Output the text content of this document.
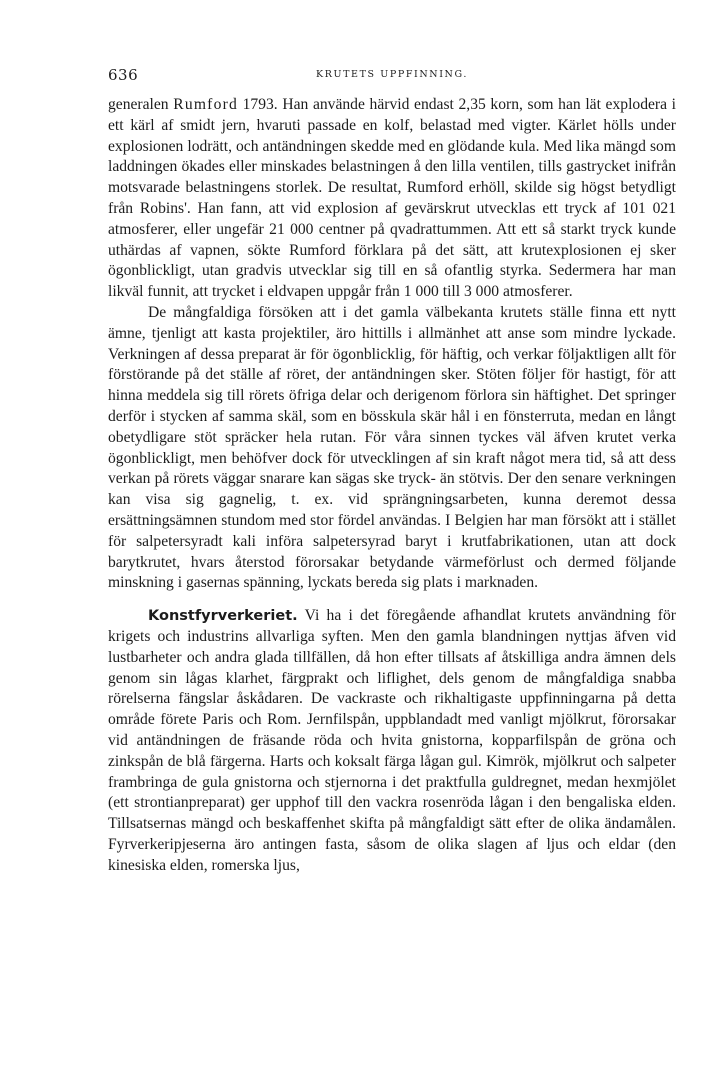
636	KRUTETS UPPFINNING.

generalen Rumford 1793. Han använde härvid endast 2,35 korn, som han lät explodera i ett kärl af smidt jern, hvaruti passade en kolf, belastad med vigter. Kärlet hölls under explosionen lodrätt, och antändningen skedde med en glödande kula. Med lika mängd som laddningen ökades eller minskades belastningen å den lilla ventilen, tills gastrycket inifrån motsvarade belastningens storlek. De resultat, Rumford erhöll, skilde sig högst betydligt från Robins'. Han fann, att vid explosion af gevärskrut utvecklas ett tryck af 101 021 atmosferer, eller ungefär 21 000 centner på qvadrattummen. Att ett så starkt tryck kunde uthärdas af vapnen, sökte Rumford förklara på det sätt, att krutexplosionen ej sker ögonblickligt, utan gradvis utvecklar sig till en så ofantlig styrka. Sedermera har man likväl funnit, att trycket i eldvapen uppgår från 1 000 till 3 000 atmosferer.

De mångfaldiga försöken att i det gamla välbekanta krutets ställe finna ett nytt ämne, tjenligt att kasta projektiler, äro hittills i allmänhet att anse som mindre lyckade. Verkningen af dessa preparat är för ögonblicklig, för häftig, och verkar följaktligen allt för förstörande på det ställe af röret, der antändningen sker. Stöten följer för hastigt, för att hinna meddela sig till rörets öfriga delar och derigenom förlora sin häftighet. Det springer derför i stycken af samma skäl, som en bösskula skär hål i en fönsterruta, medan en långt obetydligare stöt spräcker hela rutan. För våra sinnen tyckes väl äfven krutet verka ögonblickligt, men behöfver dock för utvecklingen af sin kraft något mera tid, så att dess verkan på rörets väggar snarare kan sägas ske tryck- än stötvis. Der den senare verkningen kan visa sig gagnelig, t. ex. vid sprängningsarbeten, kunna deremot dessa ersättningsämnen stundom med stor fördel användas. I Belgien har man försökt att i stället för salpetersyradt kali införa salpetersyrad baryt i krutfabrikationen, utan att dock barytkrutet, hvars återstod förorsakar betydande värmeförlust och dermed följande minskning i gasernas spänning, lyckats bereda sig plats i marknaden.

Konstfyrverkeriet. Vi ha i det föregående afhandlat krutets användning för krigets och industrins allvarliga syften. Men den gamla blandningen nyttjas äfven vid lustbarheter och andra glada tillfällen, då hon efter tillsats af åtskilliga andra ämnen dels genom sin lågas klarhet, färgprakt och liflighet, dels genom de mångfaldiga snabba rörelserna fängslar åskådaren. De vackraste och rikhaltigaste uppfinningarna på detta område förete Paris och Rom. Jernfilspån, uppblandadt med vanligt mjölkrut, förorsakar vid antändningen de fräsande röda och hvita gnistorna, kopparfilspån de gröna och zinkspån de blå färgerna. Harts och koksalt färga lågan gul. Kimrök, mjölkrut och salpeter frambringa de gula gnistorna och stjernorna i det praktfulla guldregnet, medan hexmjölet (ett strontianpreparat) ger upphof till den vackra rosenröda lågan i den bengaliska elden. Tillsatsernas mängd och beskaffenhet skifta på mångfaldigt sätt efter de olika ändamålen. Fyrverkeripjeserna äro antingen fasta, såsom de olika slagen af ljus och eldar (den kinesiska elden, romerska ljus,
